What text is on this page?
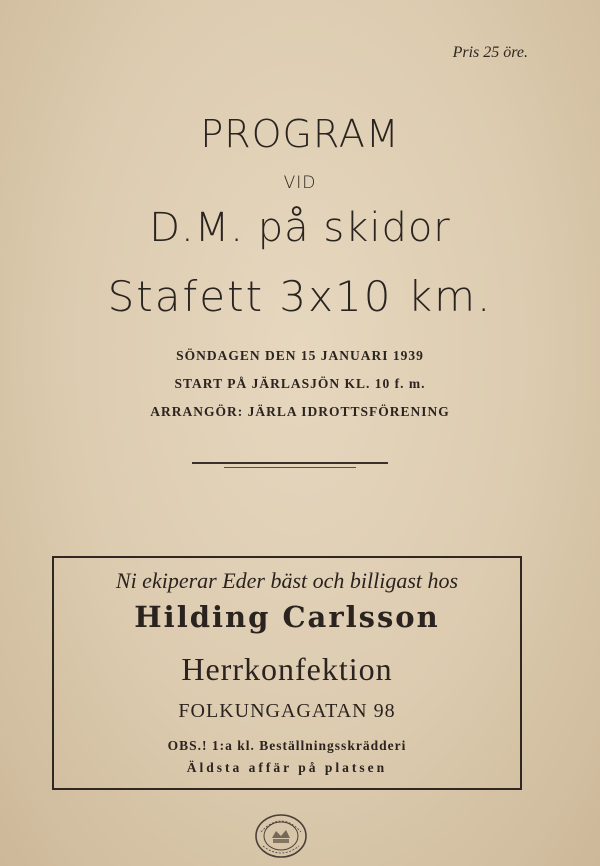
Pris 25 öre.
PROGRAM
VID
D.M. på skidor
Stafett 3x10 km.
SÖNDAGEN DEN 15 JANUARI 1939
START PÅ JÄRLASJÖN KL. 10 f. m.
ARRANGÖR: JÄRLA IDROTTSFÖRENING
Ni ekiperar Eder bäst och billigast hos
Hilding Carlsson
Herrkonfektion
FOLKUNGAGATAN 98
OBS.! 1:a kl. Beställningsskrädderi
Äldsta affär på platsen
